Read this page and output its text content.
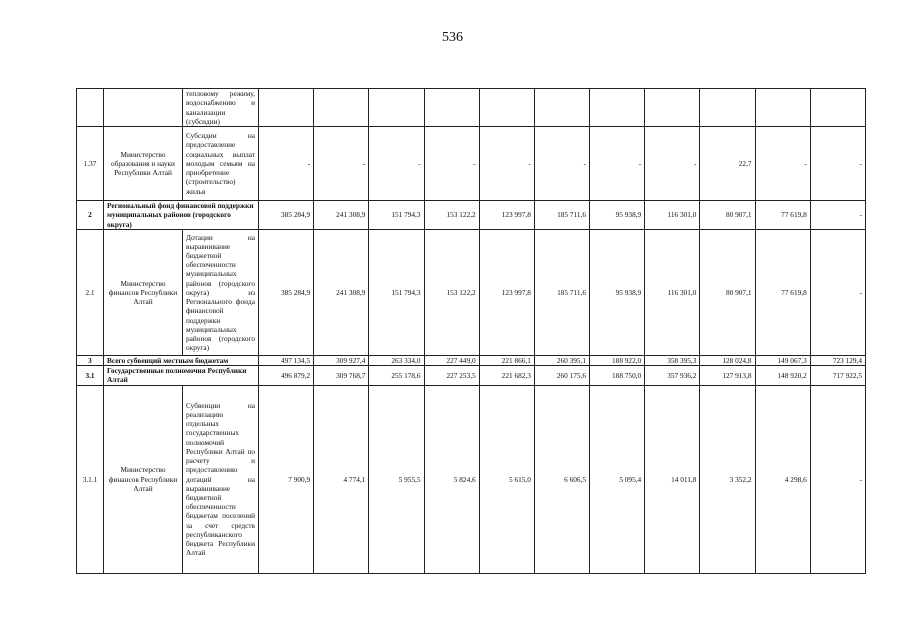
536

		тепловому режиму, водоснабжению и канализации (субсидии)											

1.37	Министерство образования и науки Республики Алтай	Субсидии на предоставление социальных выплат молодым семьям на приобретение (строительство) жилья	-	-	-	-	-	-	-	-	22,7	-	-
2	Региональный фонд финансовой поддержки муниципальных районов (городского округа)		385 284,9	241 308,9	151 794,3	153 122,2	123 997,8	185 711,6	95 938,9	116 301,0	80 907,1	77 619,8	-
2.1	Министерство финансов Республики Алтай	Дотации на выравнивание бюджетной обеспеченности муниципальных районов (городского округа) из Регионального фонда финансовой поддержки муниципальных районов (городского округа)	385 284,9	241 308,9	151 794,3	153 122,2	123 997,8	185 711,6	95 938,9	116 301,0	80 907,1	77 619,8	-
3	Всего субвенций местным бюджетам		497 134,5	309 927,4	263 334,0	227 449,0	221 866,1	260 395,1	188 922,0	358 395,3	128 024,8	149 067,3	723 129,4
3.1	Государственные полномочия Республики Алтай		496 879,2	309 768,7	255 178,6	227 253,5	221 682,3	260 175,6	188 750,0	357 936,2	127 913,8	148 920,2	717 922,5
3.1.1	Министерство финансов Республики Алтай	Субвенции на реализацию отдельных государственных полномочий Республики Алтай по расчету и предоставлению дотаций на выравнивание бюджетной обеспеченности бюджетам поселений за счет средств республиканского бюджета Республики Алтай	7 900,9	4 774,1	5 955,5	5 824,6	5 615,0	6 606,5	5 095,4	14 011,8	3 352,2	4 298,6	-
